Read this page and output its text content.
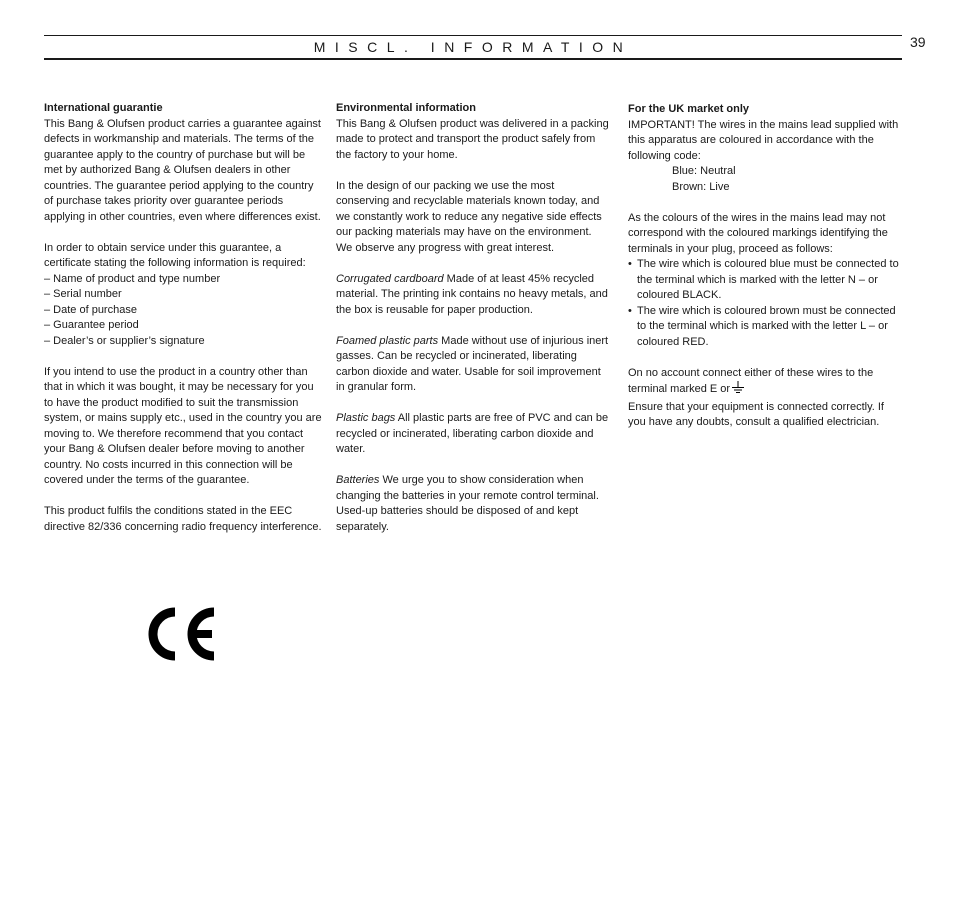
MISCL. INFORMATION	39
International guarantie

This Bang & Olufsen product carries a guarantee against defects in workmanship and materials. The terms of the guarantee apply to the country of purchase but will be met by authorized Bang & Olufsen dealers in other countries. The guarantee period applying to the country of purchase takes priority over guarantee periods applying in other countries, even where differences exist.

In order to obtain service under this guarantee, a certificate stating the following information is required:

– Name of product and type number
– Serial number
– Date of purchase
– Guarantee period
– Dealer’s or supplier’s signature

If you intend to use the product in a country other than that in which it was bought, it may be necessary for you to have the product modified to suit the transmission system, or mains supply etc., used in the country you are moving to. We therefore recommend that you contact your Bang & Olufsen dealer before moving to another country. No costs incurred in this connection will be covered under the terms of the guarantee.

This product fulfils the conditions stated in the EEC directive 82/336 concerning radio frequency interference.

Environmental information

This Bang & Olufsen product was delivered in a packing made to protect and transport the product safely from the factory to your home.

In the design of our packing we use the most conserving and recyclable materials known today, and we constantly work to reduce any negative side effects our packing materials may have on the environment. We observe any progress with great interest.

Corrugated cardboard Made of at least 45% recycled material. The printing ink contains no heavy metals, and the box is reusable for paper production.

Foamed plastic parts Made without use of injurious inert gasses. Can be recycled or incinerated, liberating carbon dioxide and water. Usable for soil improvement in granular form.

Plastic bags All plastic parts are free of PVC and can be recycled or incinerated, liberating carbon dioxide and water.

Batteries We urge you to show consideration when changing the batteries in your remote control terminal. Used-up batteries should be disposed of and kept separately.

For the UK market only

IMPORTANT! The wires in the mains lead supplied with this apparatus are coloured in accordance with the following code:

Blue: Neutral
Brown: Live

As the colours of the wires in the mains lead may not correspond with the coloured markings identifying the terminals in your plug, proceed as follows:

• The wire which is coloured blue must be connected to the terminal which is marked with the letter N – or coloured BLACK.
• The wire which is coloured brown must be connected to the terminal which is marked with the letter L – or coloured RED.

On no account connect either of these wires to the terminal marked E or

Ensure that your equipment is connected correctly. If you have any doubts, consult a qualified electrician.
